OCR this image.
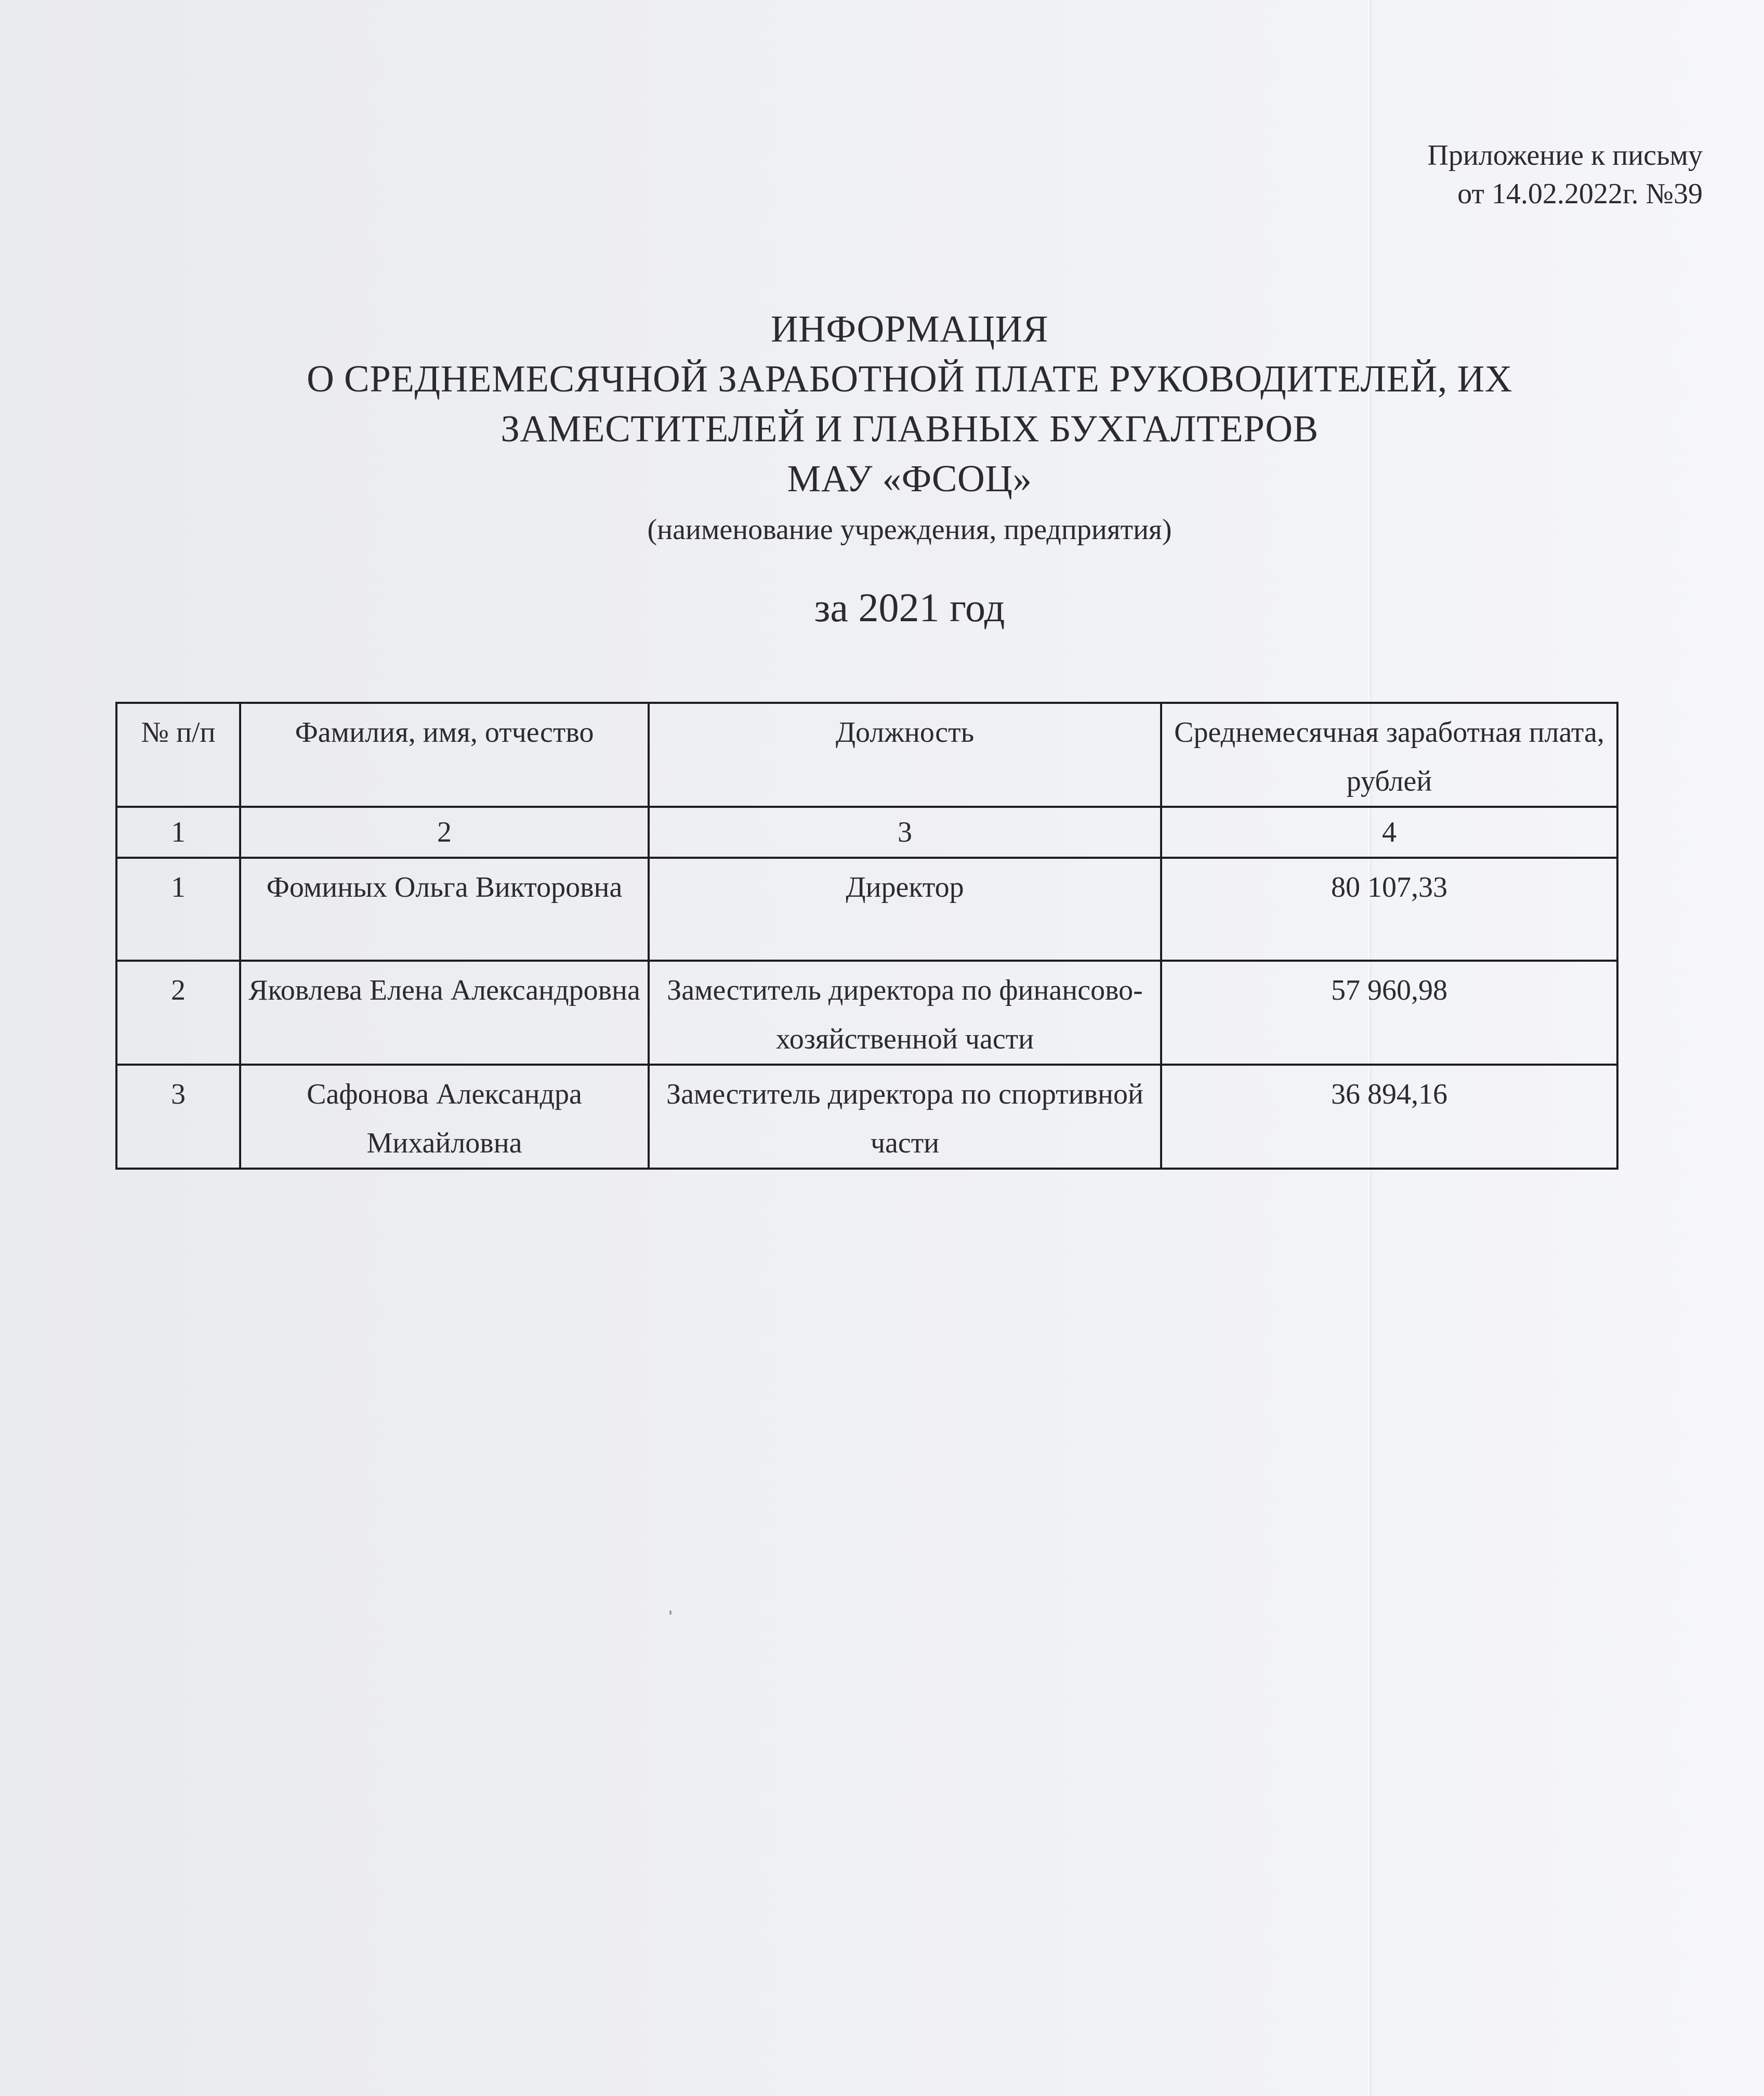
Приложение к письму
от 14.02.2022г. №39
ИНФОРМАЦИЯ
О СРЕДНЕМЕСЯЧНОЙ ЗАРАБОТНОЙ ПЛАТЕ РУКОВОДИТЕЛЕЙ, ИХ
ЗАМЕСТИТЕЛЕЙ И ГЛАВНЫХ БУХГАЛТЕРОВ
МАУ «ФСОЦ»
(наименование учреждения, предприятия)
за 2021 год
№ п/п	Фамилия, имя, отчество	Должность	Среднемесячная заработная плата, рублей
1	2	3	4
1	Фоминых Ольга Викторовна	Директор	80 107,33
2	Яковлева Елена Александровна	Заместитель директора по финансово-хозяйственной части	57 960,98
3	Сафонова Александра Михайловна	Заместитель директора по спортивной части	36 894,16
